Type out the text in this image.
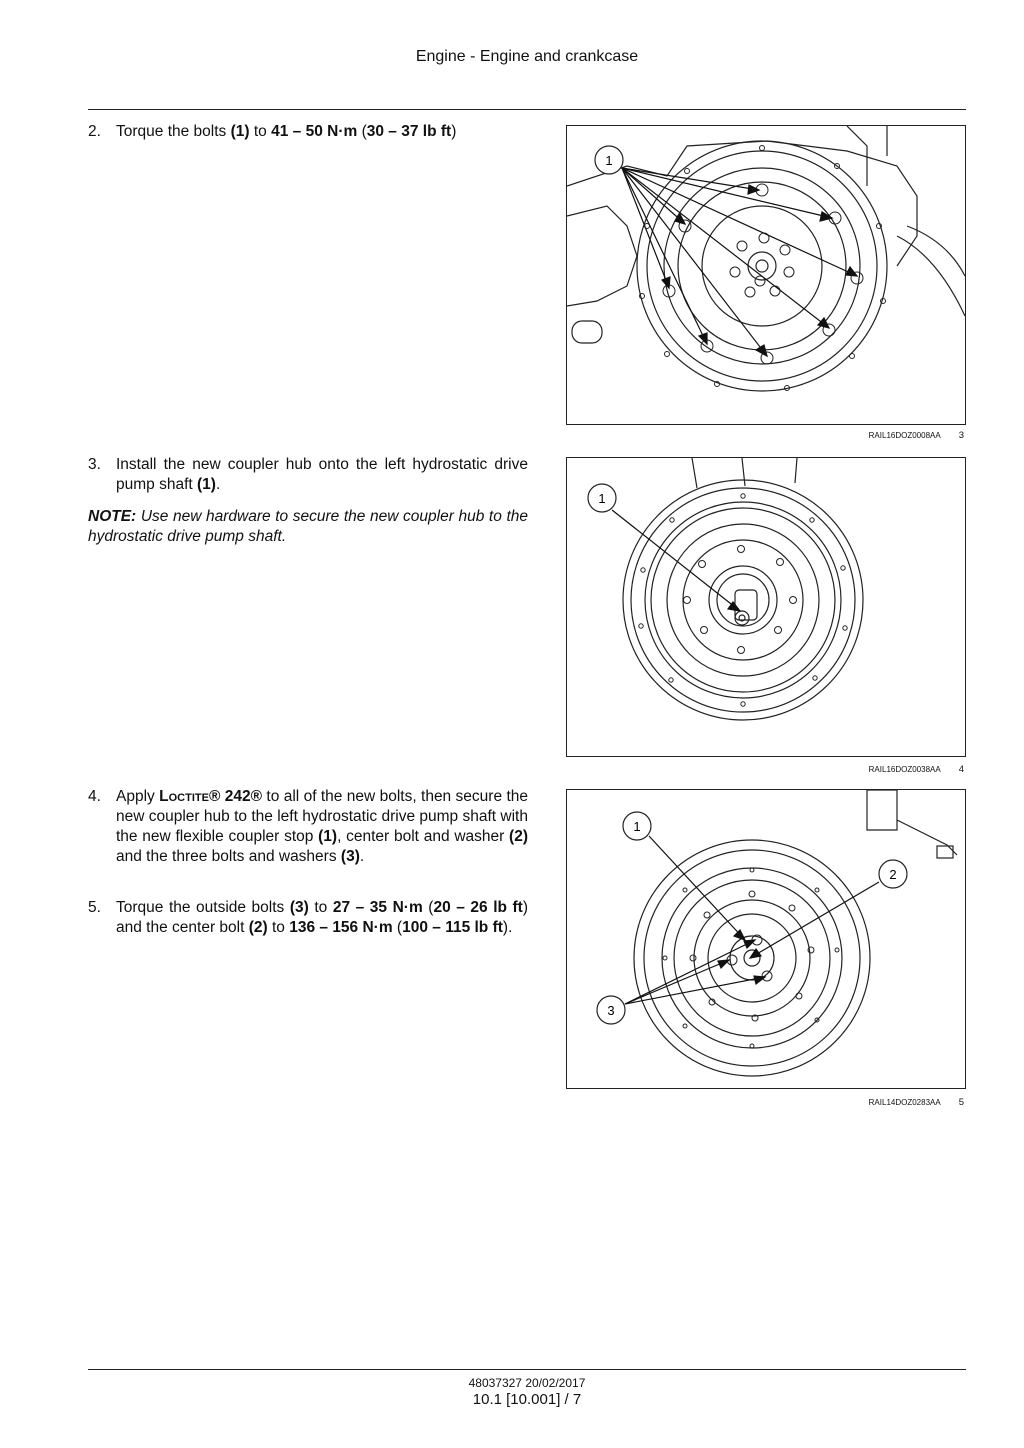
Engine - Engine and crankcase
2. Torque the bolts (1) to 41 – 50 N·m (30 – 37 lb ft)
1
RAIL16DOZ0008AA 3
3. Install the new coupler hub onto the left hydrostatic drive pump shaft (1).
NOTE: Use new hardware to secure the new coupler hub to the hydrostatic drive pump shaft.
1
RAIL16DOZ0038AA 4
4. Apply Loctite® 242® to all of the new bolts, then secure the new coupler hub to the left hydrostatic drive pump shaft with the new flexible coupler stop (1), center bolt and washer (2) and the three bolts and washers (3).
5. Torque the outside bolts (3) to 27 – 35 N·m (20 – 26 lb ft) and the center bolt (2) to 136 – 156 N·m (100 – 115 lb ft).
1
2
3
RAIL14DOZ0283AA 5
48037327 20/02/2017
10.1 [10.001] / 7
